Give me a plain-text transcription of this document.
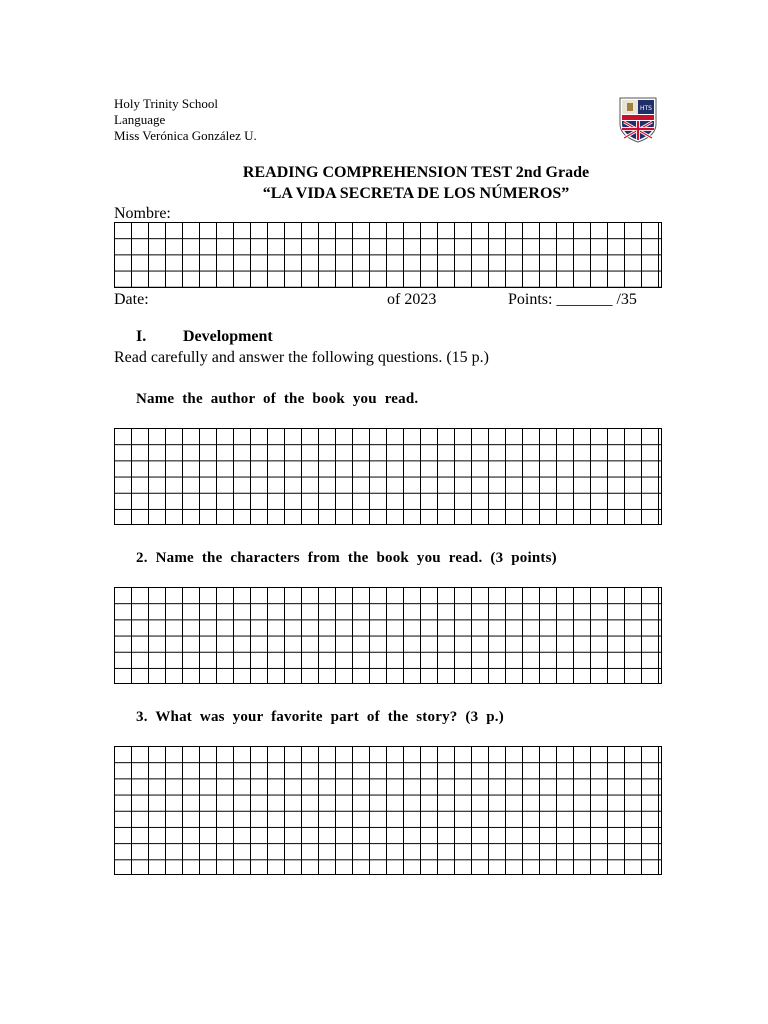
Holy Trinity School
Language
Miss Verónica González U.
HTS
READING COMPREHENSION TEST 2nd Grade
“LA VIDA SECRETA DE LOS NÚMEROS”
Nombre:
Date:	of 2023	Points: _______ /35
I. Development
Read carefully and answer the following questions. (15 p.)
Name the author of the book you read.
2. Name the characters from the book you read. (3 points)
3. What was your favorite part of the story? (3 p.)
